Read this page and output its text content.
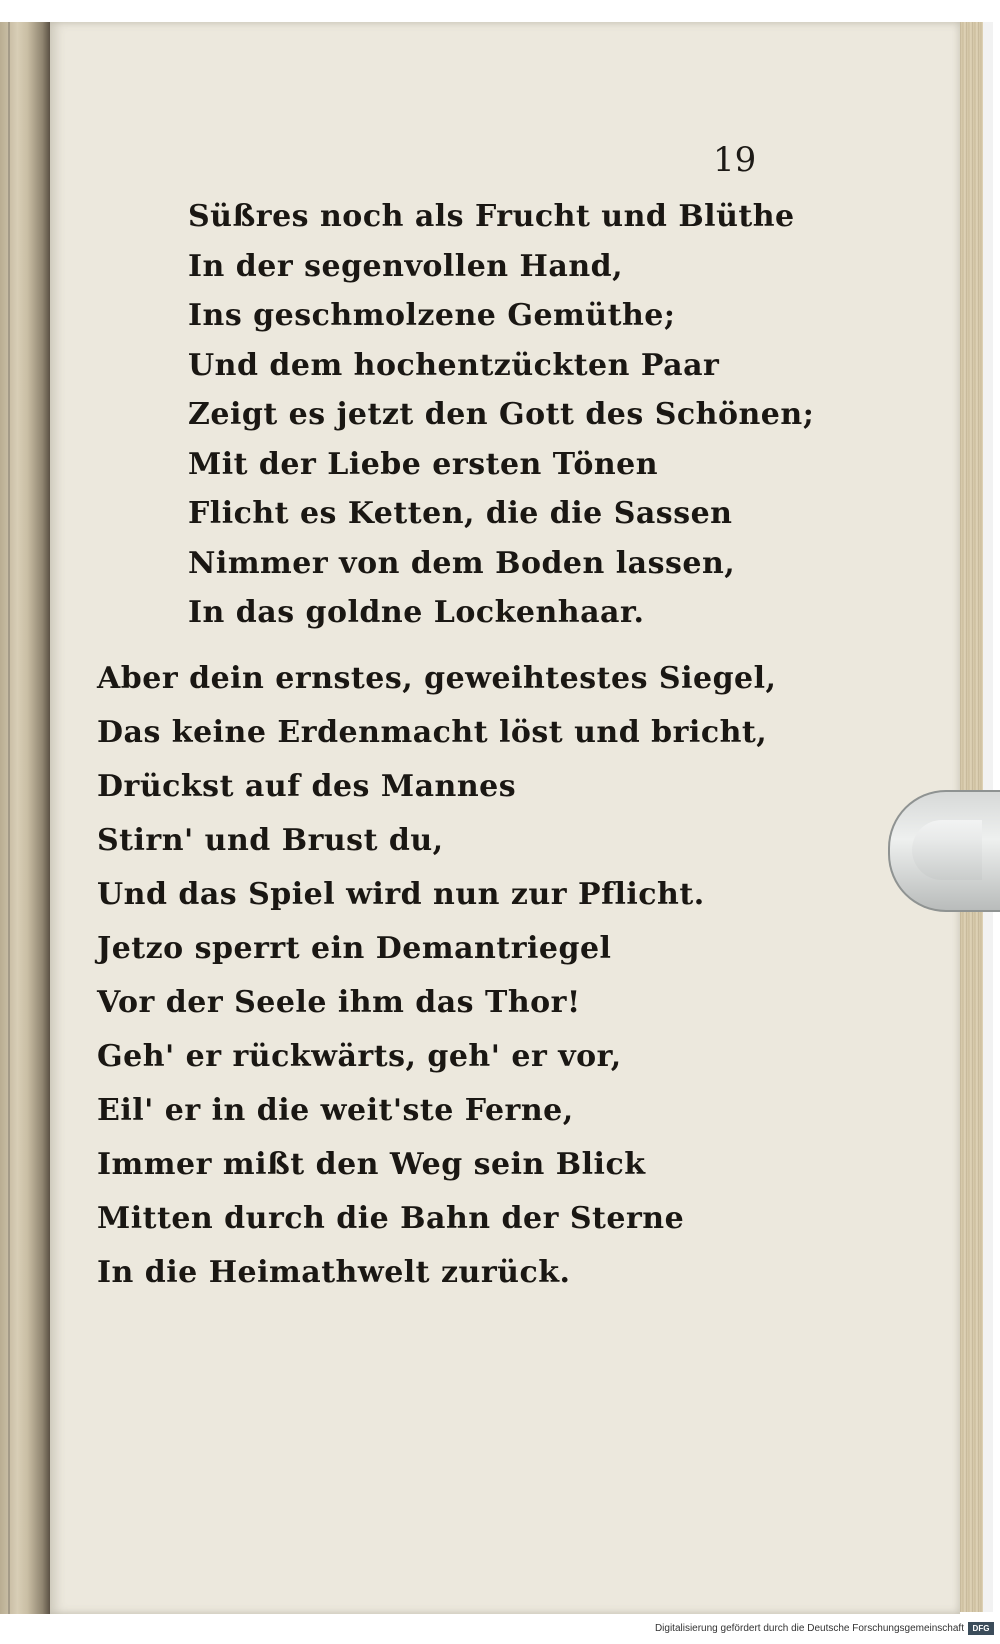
19
Süßres noch als Frucht und Blüthe
In der segenvollen Hand,
Ins geschmolzene Gemüthe;
Und dem hochentzückten Paar
Zeigt es jetzt den Gott des Schönen;
Mit der Liebe ersten Tönen
Flicht es Ketten, die die Sassen
Nimmer von dem Boden lassen,
In das goldne Lockenhaar.
Aber dein ernstes, geweihtestes Siegel,
Das keine Erdenmacht löst und bricht,
Drückst auf des Mannes
Stirn' und Brust du,
Und das Spiel wird nun zur Pflicht.
Jetzo sperrt ein Demantriegel
Vor der Seele ihm das Thor!
Geh' er rückwärts, geh' er vor,
Eil' er in die weit'ste Ferne,
Immer mißt den Weg sein Blick
Mitten durch die Bahn der Sterne
In die Heimathwelt zurück.
Digitalisierung gefördert durch die Deutsche Forschungsgemeinschaft	DFG
